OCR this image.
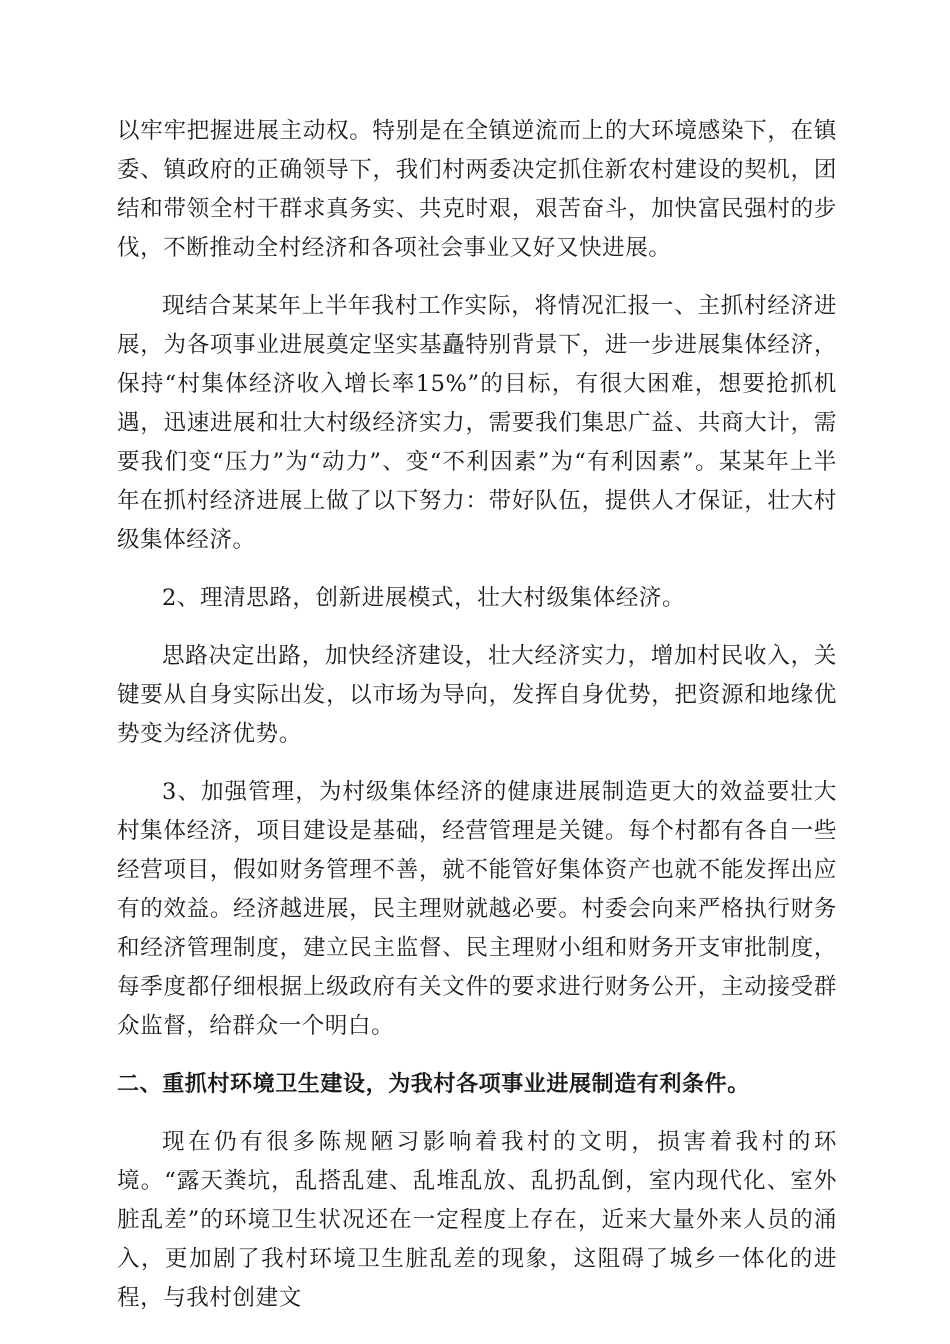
以牢牢把握进展主动权。特别是在全镇逆流而上的大环境感染下，在镇委、镇政府的正确领导下，我们村两委决定抓住新农村建设的契机，团结和带领全村干群求真务实、共克时艰，艰苦奋斗，加快富民强村的步伐，不断推动全村经济和各项社会事业又好又快进展。

现结合某某年上半年我村工作实际，将情况汇报一、主抓村经济进展，为各项事业进展奠定坚实基矗特别背景下，进一步进展集体经济，保持“村集体经济收入增长率15%”的目标，有很大困难，想要抢抓机遇，迅速进展和壮大村级经济实力，需要我们集思广益、共商大计，需要我们变“压力”为“动力”、变“不利因素”为“有利因素”。某某年上半年在抓村经济进展上做了以下努力：带好队伍，提供人才保证，壮大村级集体经济。

2、理清思路，创新进展模式，壮大村级集体经济。

思路决定出路，加快经济建设，壮大经济实力，增加村民收入，关键要从自身实际出发，以市场为导向，发挥自身优势，把资源和地缘优势变为经济优势。

3、加强管理，为村级集体经济的健康进展制造更大的效益要壮大村集体经济，项目建设是基础，经营管理是关键。每个村都有各自一些经营项目，假如财务管理不善，就不能管好集体资产也就不能发挥出应有的效益。经济越进展，民主理财就越必要。村委会向来严格执行财务和经济管理制度，建立民主监督、民主理财小组和财务开支审批制度，每季度都仔细根据上级政府有关文件的要求进行财务公开，主动接受群众监督，给群众一个明白。

二、重抓村环境卫生建设，为我村各项事业进展制造有利条件。

现在仍有很多陈规陋习影响着我村的文明，损害着我村的环境。“露天粪坑，乱搭乱建、乱堆乱放、乱扔乱倒，室内现代化、室外脏乱差”的环境卫生状况还在一定程度上存在，近来大量外来人员的涌入，更加剧了我村环境卫生脏乱差的现象，这阻碍了城乡一体化的进程，与我村创建文
